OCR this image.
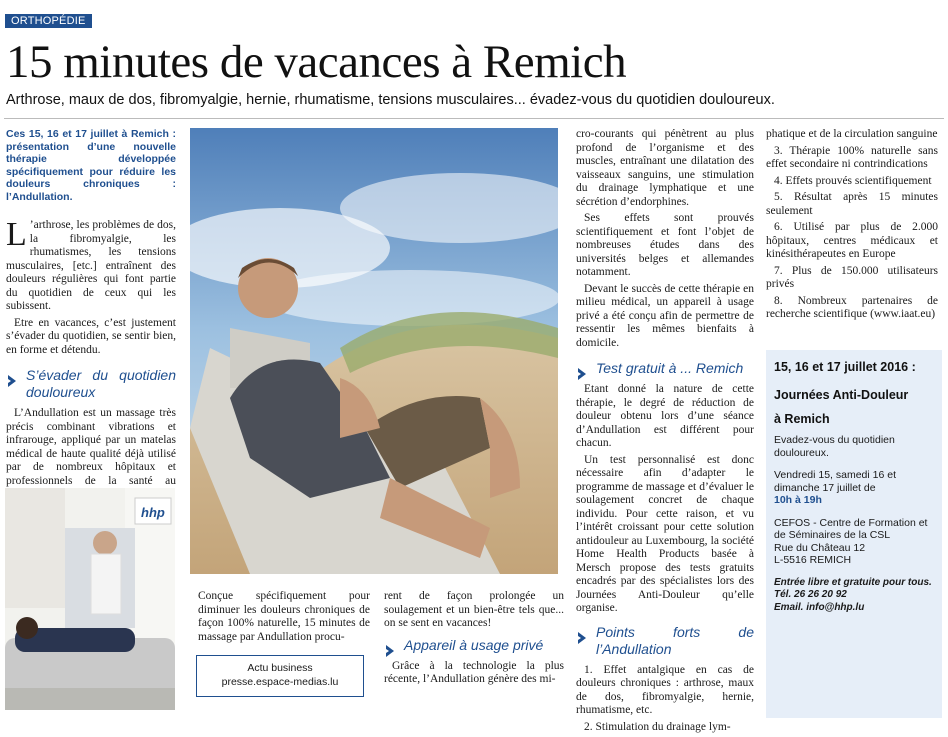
ORTHOPÉDIE
15 minutes de vacances à Remich
Arthrose, maux de dos, fibromyalgie, hernie, rhumatisme, tensions musculaires... évadez-vous du quotidien douloureux.

Ces 15, 16 et 17 juillet à Remich : présentation d’une nouvelle thérapie développée spécifiquement pour réduire les douleurs chroniques : l’Andullation.

L ’arthrose, les problèmes de dos, la fibromyalgie, les rhumatismes, les tensions musculaires, [etc.] entraînent des douleurs régulières qui font partie du quotidien de ceux qui les subissent.

Etre en vacances, c’est justement s’évader du quotidien, se sentir bien, en forme et détendu.

S’évader du quotidien douloureux

L’Andullation est un massage très précis combinant vibrations et infrarouge, appliqué par un matelas médical de haute qualité déjà utilisé par de nombreux hôpitaux et professionnels de la santé au

hhp
Conçue spécifiquement pour diminuer les douleurs chroniques de façon 100% naturelle, 15 minutes de massage par Andullation procu-
Actu business
presse.espace-medias.lu

rent de façon prolongée un soulagement et un bien-être tels que... on se sent en vacances!

Appareil à usage privé

Grâce à la technologie la plus récente, l’Andullation génère des mi-

cro-courants qui pénètrent au plus profond de l’organisme et des muscles, entraînant une dilatation des vaisseaux sanguins, une stimulation du drainage lymphatique et une sécrétion d’endorphines.

Ses effets sont prouvés scientifiquement et font l’objet de nombreuses études dans des universités belges et allemandes notamment.

Devant le succès de cette thérapie en milieu médical, un appareil à usage privé a été conçu afin de permettre de ressentir les mêmes bienfaits à domicile.

Test gratuit à ... Remich

Etant donné la nature de cette thérapie, le degré de réduction de douleur obtenu lors d’une séance d’Andullation est différent pour chacun.

Un test personnalisé est donc nécessaire afin d’adapter le programme de massage et d’évaluer le soulagement concret de chaque individu. Pour cette raison, et vu l’intérêt croissant pour cette solution antidouleur au Luxembourg, la société Home Health Products basée à Mersch propose des tests gratuits encadrés par des spécialistes lors des Journées Anti-Douleur qu’elle organise.

Points forts de l’Andullation

1. Effet antalgique en cas de douleurs chroniques : arthrose, maux de dos, fibromyalgie, hernie, rhumatisme, etc.

2. Stimulation du drainage lym-

phatique et de la circulation sanguine

3. Thérapie 100% naturelle sans effet secondaire ni contrindications

4. Effets prouvés scientifiquement

5. Résultat après 15 minutes seulement

6. Utilisé par plus de 2.000 hôpitaux, centres médicaux et kinésithérapeutes en Europe

7. Plus de 150.000 utilisateurs privés

8. Nombreux partenaires de recherche scientifique (www.iaat.eu)

15, 16 et 17 juillet 2016 :
Journées Anti-Douleur
à Remich
Evadez-vous du quotidien douloureux.
Vendredi 15, samedi 16 et dimanche 17 juillet de
10h à 19h
CEFOS - Centre de Formation et de Séminaires de la CSL
Rue du Château 12
L-5516 REMICH
Entrée libre et gratuite pour tous.
Tél. 26 26 20 92
Email. info@hhp.lu
